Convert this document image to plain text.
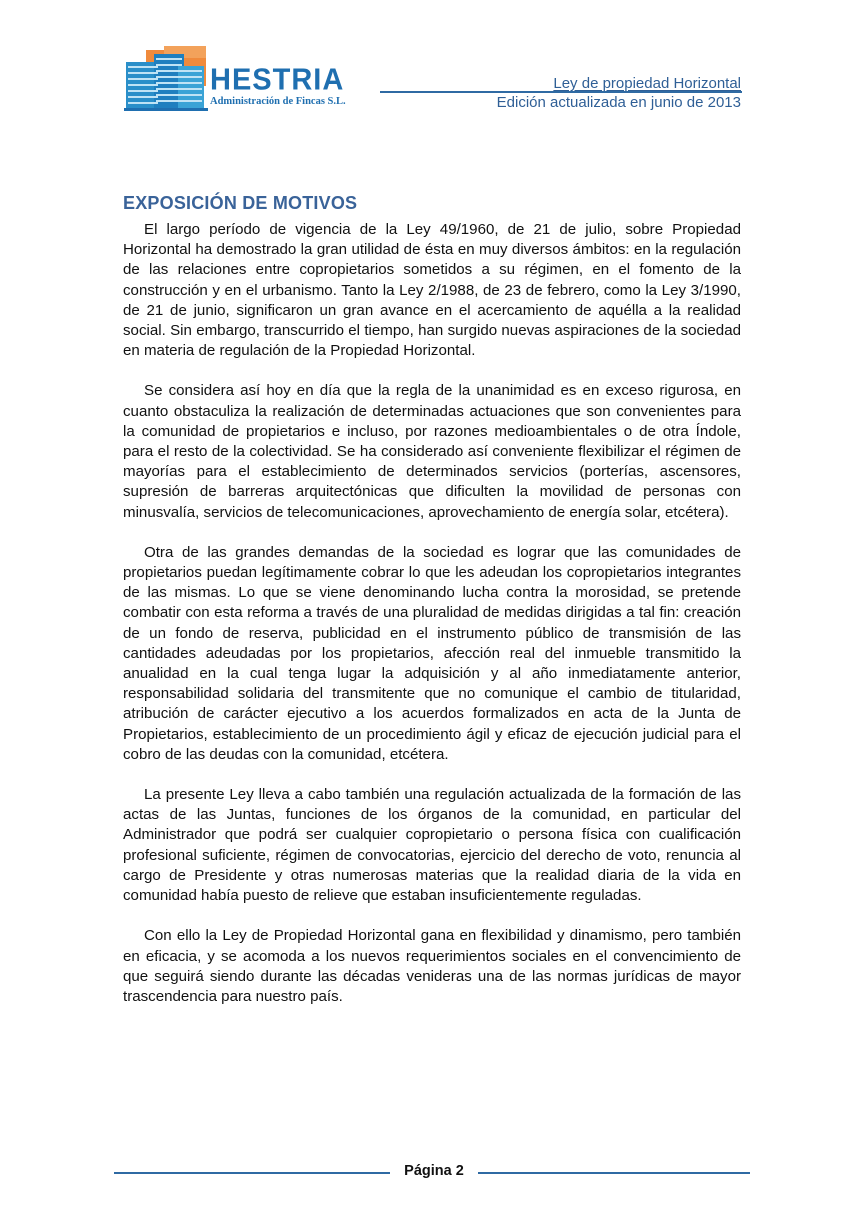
HESTRIA
Administración de Fincas S.L.
Ley de propiedad Horizontal
Edición actualizada en junio de 2013
EXPOSICIÓN DE MOTIVOS

El largo período de vigencia de la Ley 49/1960, de 21 de julio, sobre Propiedad Horizontal ha demostrado la gran utilidad de ésta en muy diversos ámbitos: en la regulación de las relaciones entre copropietarios sometidos a su régimen, en el fomento de la construcción y en el urbanismo. Tanto la Ley 2/1988, de 23 de febrero, como la Ley 3/1990, de 21 de junio, significaron un gran avance en el acercamiento de aquélla a la realidad social. Sin embargo, transcurrido el tiempo, han surgido nuevas aspiraciones de la sociedad en materia de regulación de la Propiedad Horizontal.

Se considera así hoy en día que la regla de la unanimidad es en exceso rigurosa, en cuanto obstaculiza la realización de determinadas actuaciones que son convenientes para la comunidad de propietarios e incluso, por razones medioambientales o de otra Índole, para el resto de la colectividad. Se ha considerado así conveniente flexibilizar el régimen de mayorías para el establecimiento de determinados servicios (porterías, ascensores, supresión de barreras arquitectónicas que dificulten la movilidad de personas con minusvalía, servicios de telecomunicaciones, aprovechamiento de energía solar, etcétera).

Otra de las grandes demandas de la sociedad es lograr que las comunidades de propietarios puedan legítimamente cobrar lo que les adeudan los copropietarios integrantes de las mismas. Lo que se viene denominando lucha contra la morosidad, se pretende combatir con esta reforma a través de una pluralidad de medidas dirigidas a tal fin: creación de un fondo de reserva, publicidad en el instrumento público de transmisión de las cantidades adeudadas por los propietarios, afección real del inmueble transmitido la anualidad en la cual tenga lugar la adquisición y al año inmediatamente anterior, responsabilidad solidaria del transmitente que no comunique el cambio de titularidad, atribución de carácter ejecutivo a los acuerdos formalizados en acta de la Junta de Propietarios, establecimiento de un procedimiento ágil y eficaz de ejecución judicial para el cobro de las deudas con la comunidad, etcétera.

La presente Ley lleva a cabo también una regulación actualizada de la formación de las actas de las Juntas, funciones de los órganos de la comunidad, en particular del Administrador que podrá ser cualquier copropietario o persona física con cualificación profesional suficiente, régimen de convocatorias, ejercicio del derecho de voto, renuncia al cargo de Presidente y otras numerosas materias que la realidad diaria de la vida en comunidad había puesto de relieve que estaban insuficientemente reguladas.

Con ello la Ley de Propiedad Horizontal gana en flexibilidad y dinamismo, pero también en eficacia, y se acomoda a los nuevos requerimientos sociales en el convencimiento de que seguirá siendo durante las décadas venideras una de las normas jurídicas de mayor trascendencia para nuestro país.

Página 2
